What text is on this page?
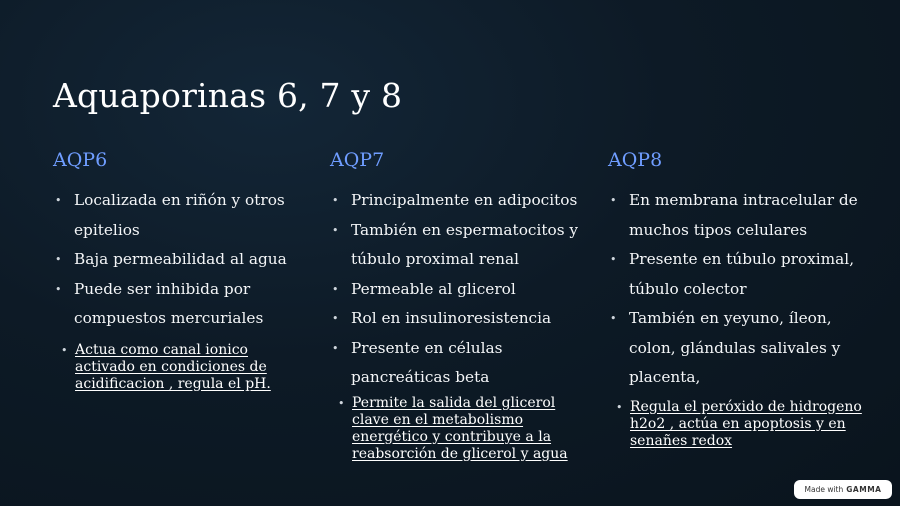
Aquaporinas 6, 7 y 8
AQP6
• Localizada en riñón y otros epitelios
• Baja permeabilidad al agua
• Puede ser inhibida por compuestos mercuriales
• Actua como canal ionico activado en condiciones de acidificacion , regula el pH.
AQP7
• Principalmente en adipocitos
• También en espermatocitos y túbulo proximal renal
• Permeable al glicerol
• Rol en insulinoresistencia
• Presente en células pancreáticas beta
• Permite la salida del glicerol clave en el metabolismo energético y contribuye a la reabsorción de glicerol y agua
AQP8
• En membrana intracelular de muchos tipos celulares
• Presente en túbulo proximal, túbulo colector
• También en yeyuno, íleon, colon, glándulas salivales y placenta,
• Regula el peróxido de hidrogeno h2o2 , actúa en apoptosis y en senañes redox
Made with GAMMA
